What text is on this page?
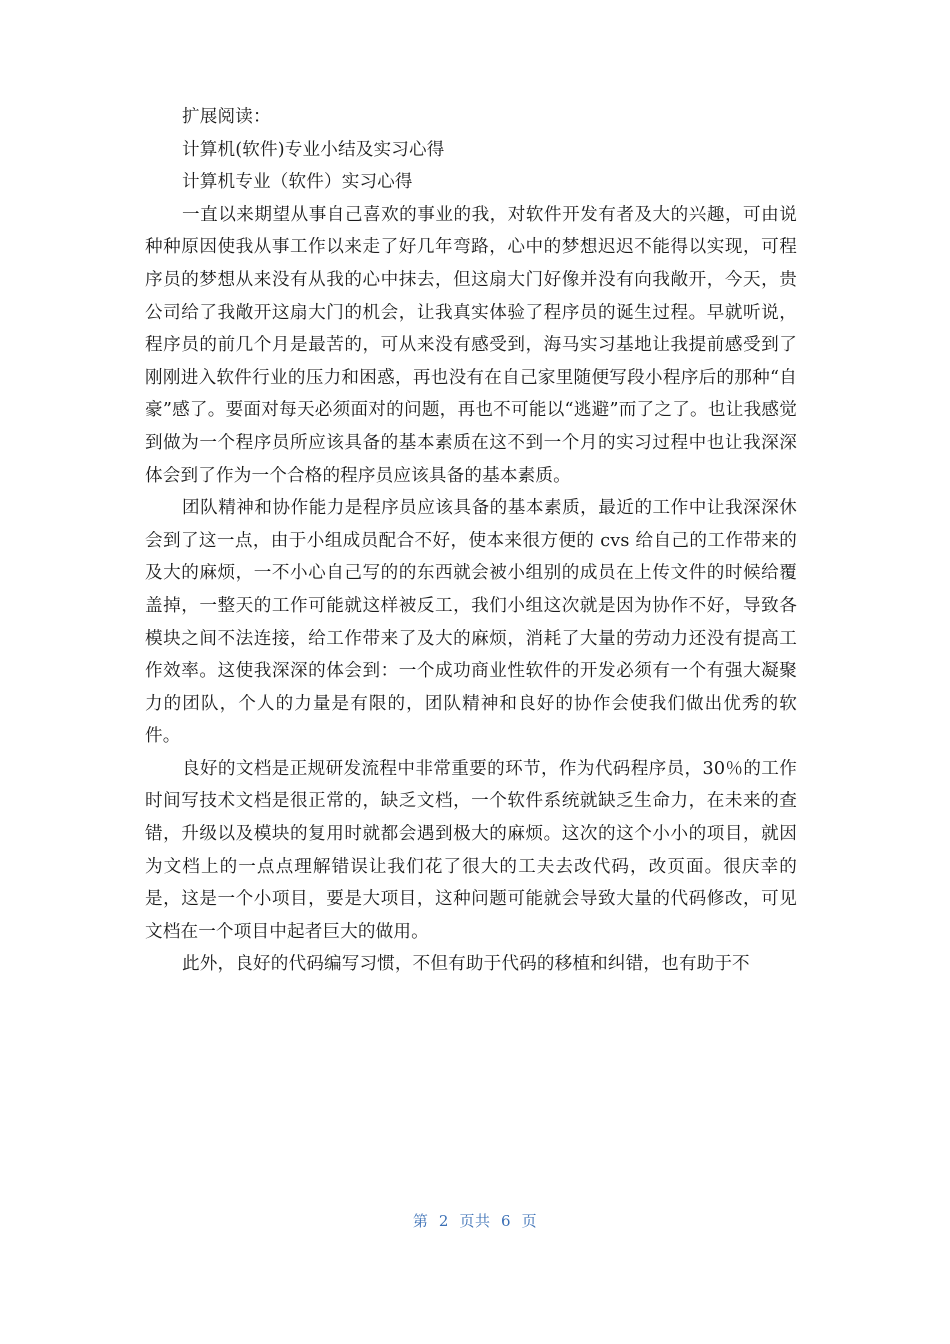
扩展阅读：
计算机(软件)专业小结及实习心得
计算机专业（软件）实习心得

一直以来期望从事自己喜欢的事业的我，对软件开发有者及大的兴趣，可由说种种原因使我从事工作以来走了好几年弯路，心中的梦想迟迟不能得以实现，可程序员的梦想从来没有从我的心中抹去，但这扇大门好像并没有向我敞开，今天，贵公司给了我敞开这扇大门的机会，让我真实体验了程序员的诞生过程。早就听说，程序员的前几个月是最苦的，可从来没有感受到，海马实习基地让我提前感受到了刚刚进入软件行业的压力和困惑，再也没有在自己家里随便写段小程序后的那种“自豪”感了。要面对每天必须面对的问题，再也不可能以“逃避”而了之了。也让我感觉到做为一个程序员所应该具备的基本素质在这不到一个月的实习过程中也让我深深体会到了作为一个合格的程序员应该具备的基本素质。

团队精神和协作能力是程序员应该具备的基本素质，最近的工作中让我深深休会到了这一点，由于小组成员配合不好，使本来很方便的 cvs 给自己的工作带来的及大的麻烦，一不小心自己写的的东西就会被小组别的成员在上传文件的时候给覆盖掉，一整天的工作可能就这样被反工，我们小组这次就是因为协作不好，导致各模块之间不法连接，给工作带来了及大的麻烦，消耗了大量的劳动力还没有提高工作效率。这使我深深的体会到：一个成功商业性软件的开发必须有一个有强大凝聚力的团队，个人的力量是有限的，团队精神和良好的协作会使我们做出优秀的软件。

良好的文档是正规研发流程中非常重要的环节，作为代码程序员，30％的工作时间写技术文档是很正常的，缺乏文档，一个软件系统就缺乏生命力，在未来的查错，升级以及模块的复用时就都会遇到极大的麻烦。这次的这个小小的项目，就因为文档上的一点点理解错误让我们花了很大的工夫去改代码，改页面。很庆幸的是，这是一个小项目，要是大项目，这种问题可能就会导致大量的代码修改，可见文档在一个项目中起者巨大的做用。

此外，良好的代码编写习惯，不但有助于代码的移植和纠错，也有助于不

第  2  页共  6  页
